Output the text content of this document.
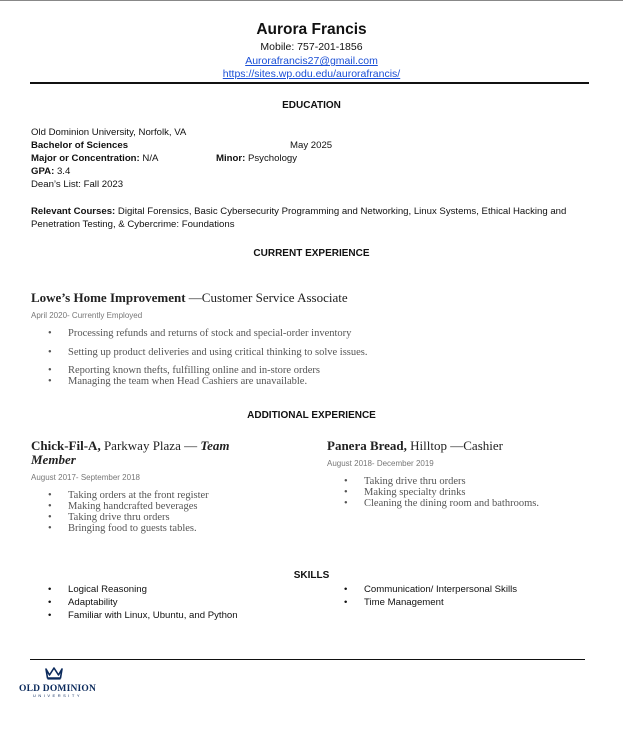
Aurora Francis
Mobile: 757-201-1856
Aurorafrancis27@gmail.com
https://sites.wp.odu.edu/aurorafrancis/
EDUCATION
Old Dominion University, Norfolk, VA
Bachelor of Sciences	May 2025
Major or Concentration: N/A	Minor: Psychology
GPA: 3.4
Dean’s List: Fall 2023
Relevant Courses: Digital Forensics, Basic Cybersecurity Programming and Networking, Linux Systems, Ethical Hacking and
Penetration Testing, & Cybercrime: Foundations
CURRENT EXPERIENCE
Lowe’s Home Improvement —Customer Service Associate
April 2020- Currently Employed
• Processing refunds and returns of stock and special-order inventory
• Setting up product deliveries and using critical thinking to solve issues.
• Reporting known thefts, fulfilling online and in-store orders
• Managing the team when Head Cashiers are unavailable.
ADDITIONAL EXPERIENCE
Chick-Fil-A, Parkway Plaza — Team
Member
August 2017- September 2018
• Taking orders at the front register
• Making handcrafted beverages
• Taking drive thru orders
• Bringing food to guests tables.
Panera Bread, Hilltop —Cashier
August 2018- December 2019
• Taking drive thru orders
• Making specialty drinks
• Cleaning the dining room and bathrooms.
SKILLS
• Logical Reasoning
• Adaptability
• Familiar with Linux, Ubuntu, and Python
• Communication/ Interpersonal Skills
• Time Management
OLD DOMINION
UNIVERSITY
